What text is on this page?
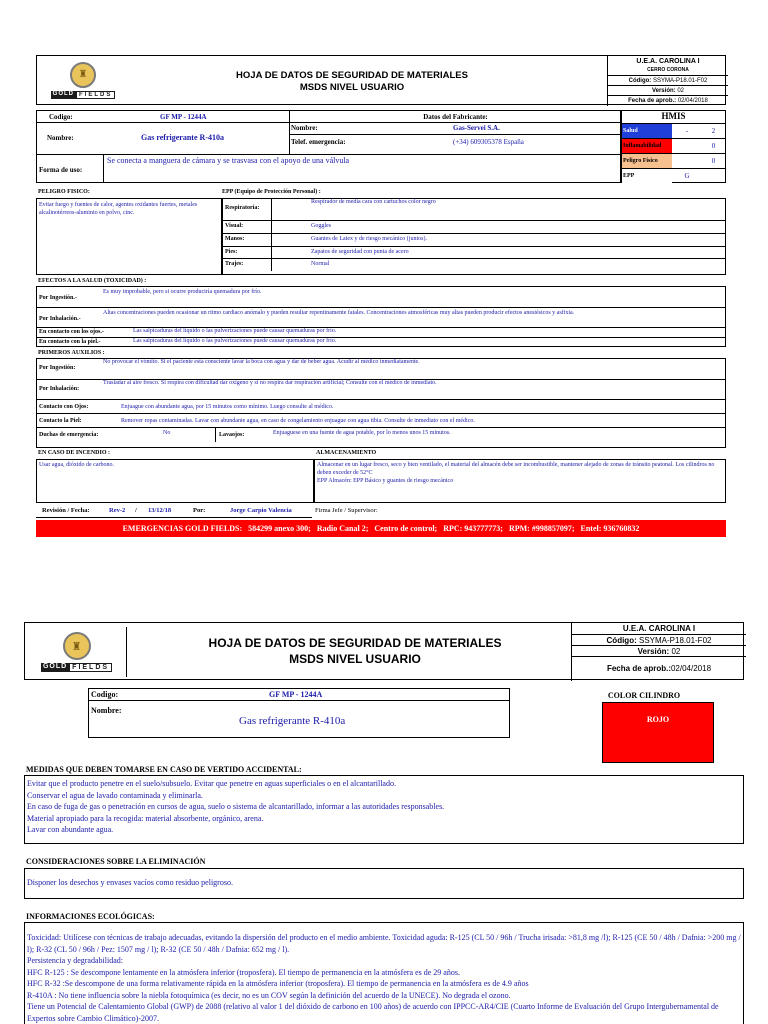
♜
GOLD FIELDS
HOJA DE DATOS DE SEGURIDAD DE MATERIALES
MSDS NIVEL USUARIO
U.E.A. CAROLINA I
CERRO CORONA
Código: SSYMA-P18.01-F02
Versión: 02
Fecha de aprob.: 02/04/2018
Codigo:	GF MP - 1244A
Nombre:	Gas refrigerante R-410a
Forma de uso:
Se conecta a manguera de cámara y se trasvasa con el apoyo de una válvula
Datos del Fabricante:
Nombre:	Gas-Servei S.A.
Telef. emergencia:	(+34) 609305378 España
HMIS
Salud	-	2
Inflamabilidad	0
Peligro Físico	0
EPP	G
PELIGRO FISICO:	EPP (Equipo de Protección Personal) :
Evitar fuego y fuentes de calor, agentes oxidantes fuertes, metales alcalinotérreos-aluminio en polvo, cinc.
Respiratoria:
Respirador de media cara con cartuchos color negro
Visual:	Goggles
Manos:	Guantes de Latex y de riesgo mecánico (juntos).
Pies:	Zapatos de seguridad con punta de acero
Trajes:	Normal
EFECTOS A LA SALUD (TOXICIDAD) :
Por Ingestión.-
Es muy improbable, pero si ocurre produciría quemadura por frío.
Por Inhalación.-
Altas concentraciones pueden ocasionar un ritmo cardiaco anómalo y pueden resultar repentinamente fatales. Concentraciones atmosféricas muy altas pueden producir efectos anestésicos y asfixia.
En contacto con los ojos.-	Las salpicaduras del líquido o las pulverizaciones puede causar quemaduras por frío.
En contacto con la piel.-	Las salpicaduras del líquido o las pulverizaciones puede causar quemaduras por frío.
PRIMEROS AUXILIOS :
Por Ingestión:
No provocar el vómito. Si el paciente esta consciente lavar la boca con agua y dar de beber agua. Acudir al médico inmediatamente.
Por Inhalación:
Trasladar al aire fresco. Si respira con dificultad dar oxigeno y si no respira dar respiración artificial; Consulte con el médico de inmediato.
Contacto con Ojos:	Enjuague con abundante agua, por 15 minutos como mínimo. Luego consulte al médico.
Contacto la Piel:	Remover ropas contaminadas. Lavar con abundante agua, en caso de congelamiento enjuague con agua tibia. Consulte de inmediato con el médico.
Duchas de emergencia:	No	Lavaojos:	Enjuaguese en una fuente de agua potable, por lo menos unos 15 minutos.
EN CASO DE INCENDIO :	ALMACENAMIENTO
Usar agua, dióxido de carbono.	Almacenar en un lugar fresco, seco y bien ventilado, el material del almacén debe ser incombustible, mantener alejado de zonas de tránsito peatonal. Los cilindros no deben exceder de 52°C
EPP Almacén: EPP Básico y guantes de riesgo mecánico
Revisión / Fecha:	Rev-2 / 13/12/18	Por:	Jorge Carpio Valencia	Firma Jefe / Supervisor:
EMERGENCIAS GOLD FIELDS:   584299 anexo 300;   Radio Canal 2;   Centro de control;   RPC: 943777773;   RPM: #998857097;   Entel: 936760832
♜
GOLD FIELDS
HOJA DE DATOS DE SEGURIDAD DE MATERIALES
MSDS NIVEL USUARIO
U.E.A. CAROLINA I
Código: SSYMA-P18.01-F02
Versión: 02
Fecha de aprob.:02/04/2018
Codigo:	GF MP - 1244A
Nombre:
Gas refrigerante R-410a
COLOR CILINDRO
ROJO
MEDIDAS QUE DEBEN TOMARSE EN CASO DE VERTIDO ACCIDENTAL:
Evitar que el producto penetre en el suelo/subsuelo. Evitar que penetre en aguas superficiales o en el alcantarillado.
Conservar el agua de lavado contaminada y eliminarla.
En caso de fuga de gas o penetración en cursos de agua, suelo o sistema de alcantarillado, informar a las autoridades responsables.
Material apropiado para la recogida: material absorbente, orgánico, arena.
Lavar con abundante agua.
CONSIDERACIONES SOBRE LA ELIMINACIÓN
Disponer los desechos y envases vacíos como residuo peligroso.
INFORMACIONES ECOLÓGICAS:
Toxicidad: Utilícese con técnicas de trabajo adecuadas, evitando la dispersión del producto en el medio ambiente. Toxicidad aguda: R-125 (CL 50 / 96h / Trucha irisada: >81,8 mg /l); R-125 (CE 50 / 48h / Dafnia: >200 mg / l); R-32 (CL 50 / 96h / Pez: 1507 mg / l); R-32 (CE 50 / 48h / Dafnia: 652 mg / l).
Persistencia y degradabilidad:
HFC R-125 : Se descompone lentamente en la atmósfera inferior (troposfera). El tiempo de permanencia en la atmósfera es de 29 años.
HFC R-32 :Se descompone de una forma relativamente rápida en la atmósfera inferior (troposfera). El tiempo de permanencia en la atmósfera es de 4.9 años
R-410A : No tiene influencia sobre la niebla fotoquímica (es decir, no es un COV según la definición del acuerdo de la UNECE). No degrada el ozono.
Tiene un Potencial de Calentamiento Global (GWP) de 2088 (relativo al valor 1 del dióxido de carbono en 100 años) de acuerdo con IPPCC-AR4/CIE (Cuarto Informe de Evaluación del Grupo Intergubernamental de Expertos sobre Cambio Climático)-2007.
